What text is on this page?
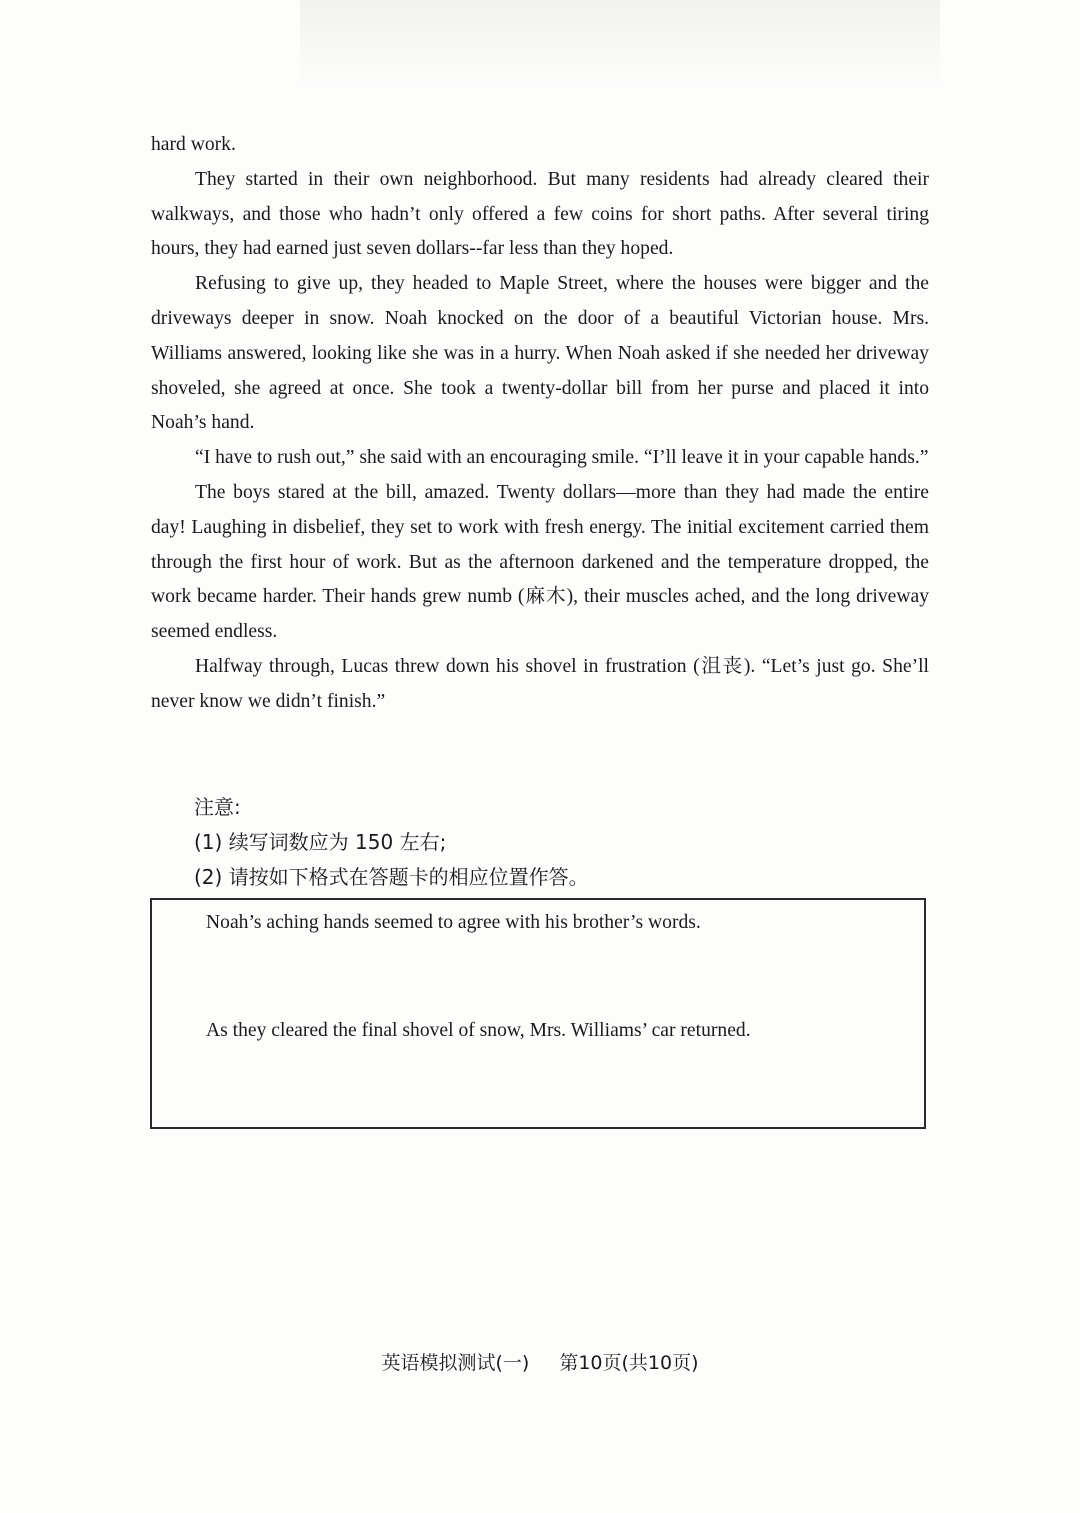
hard work.

They started in their own neighborhood. But many residents had already cleared their walkways, and those who hadn’t only offered a few coins for short paths. After several tiring hours, they had earned just seven dollars--far less than they hoped.

Refusing to give up, they headed to Maple Street, where the houses were bigger and the driveways deeper in snow. Noah knocked on the door of a beautiful Victorian house. Mrs. Williams answered, looking like she was in a hurry. When Noah asked if she needed her driveway shoveled, she agreed at once. She took a twenty-dollar bill from her purse and placed it into Noah’s hand.

“I have to rush out,” she said with an encouraging smile. “I’ll leave it in your capable hands.”

The boys stared at the bill, amazed. Twenty dollars—more than they had made the entire day! Laughing in disbelief, they set to work with fresh energy. The initial excitement carried them through the first hour of work. But as the afternoon darkened and the temperature dropped, the work became harder. Their hands grew numb (麻木), their muscles ached, and the long driveway seemed endless.

Halfway through, Lucas threw down his shovel in frustration (沮丧). “Let’s just go. She’ll never know we didn’t finish.”

注意:
(1) 续写词数应为 150 左右;
(2) 请按如下格式在答题卡的相应位置作答。
Noah’s aching hands seemed to agree with his brother’s words.
As they cleared the final shovel of snow, Mrs. Williams’ car returned.
英语模拟测试(一) 第10页(共10页)
